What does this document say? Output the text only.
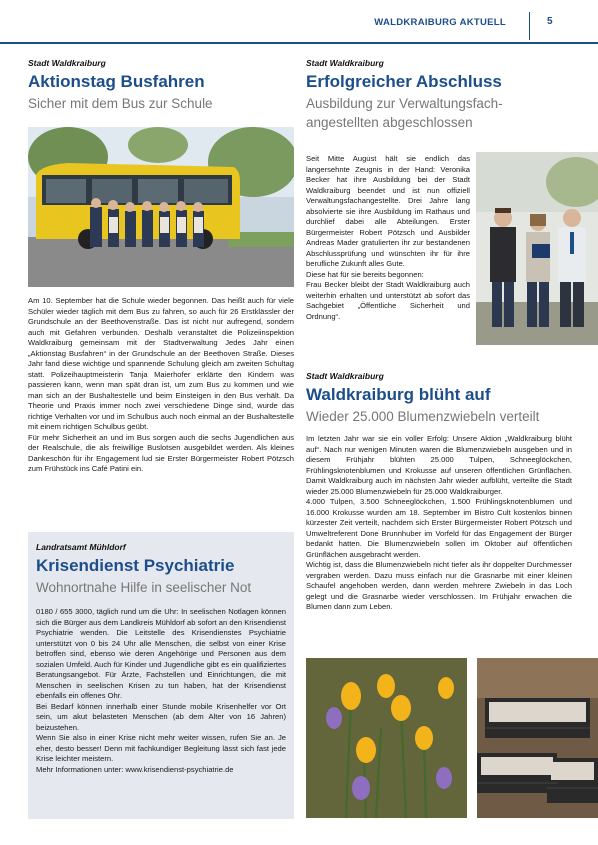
WALDKRAIBURG AKTUELL	5

Stadt Waldkraiburg

Aktionstag Busfahren

Sicher mit dem Bus zur Schule

Am 10. September hat die Schule wieder begonnen. Das heißt auch für viele Schüler wieder täglich mit dem Bus zu fahren, so auch für 26 Erstklässler der Grundschule an der Beethovenstraße. Das ist nicht nur aufregend, sondern auch mit Gefahren verbunden. Deshalb veranstaltet die Polizeiinspektion Waldkraiburg gemeinsam mit der Stadtverwaltung Jedes Jahr einen „Aktionstag Busfahren“ in der Grundschule an der Beethoven Straße. Dieses Jahr fand diese wichtige und spannende Schulung gleich am zweiten Schultag statt. Polizeihauptmeisterin Tanja Maierhofer erklärte den Kindern was passieren kann, wenn man spät dran ist, um zum Bus zu kommen und wie man sich an der Bushaltestelle und beim Einsteigen in den Bus verhält. Da Theorie und Praxis immer noch zwei verschiedene Dinge sind, wurde das richtige Verhalten vor und im Schulbus auch noch einmal an der Bushaltestelle mit einem richtigen Schulbus geübt.
Für mehr Sicherheit an und im Bus sorgen auch die sechs Jugendlichen aus der Realschule, die als freiwillige Buslotsen ausgebildet werden. Als kleines Dankeschön für ihr Engagement lud sie Erster Bürgermeister Robert Pötzsch zum Frühstück ins Café Patini ein.

Landratsamt Mühldorf

Krisendienst Psychiatrie

Wohnortnahe Hilfe in seelischer Not

0180 / 655 3000, täglich rund um die Uhr: In seelischen Notlagen können sich die Bürger aus dem Landkreis Mühldorf ab sofort an den Krisendienst Psychiatrie wenden. Die Leitstelle des Krisendienstes Psychiatrie unterstützt von 0 bis 24 Uhr alle Menschen, die selbst von einer Krise betroffen sind, ebenso wie deren Angehörige und Personen aus dem sozialen Umfeld. Auch für Kinder und Jugendliche gibt es ein qualifiziertes Beratungsangebot. Für Ärzte, Fachstellen und Einrichtungen, die mit Menschen in seelischen Krisen zu tun haben, hat der Krisendienst ebenfalls ein offenes Ohr.
Bei Bedarf können innerhalb einer Stunde mobile Krisenhelfer vor Ort sein, um akut belasteten Menschen (ab dem Alter von 16 Jahren) beizustehen.
Wenn Sie also in einer Krise nicht mehr weiter wissen, rufen Sie an. Je eher, desto besser! Denn mit fachkundiger Begleitung lässt sich fast jede Krise leichter meistern.
Mehr Informationen unter: www.krisendienst-psychiatrie.de

Stadt Waldkraiburg

Erfolgreicher Abschluss

Ausbildung zur Verwaltungsfach-

angestellten abgeschlossen

Seit Mitte August hält sie endlich das langersehnte Zeugnis in der Hand: Veronika Becker hat ihre Ausbildung bei der Stadt Waldkraiburg beendet und ist nun offiziell Verwaltungsfachangestellte. Drei Jahre lang absolvierte sie ihre Ausbildung im Rathaus und durchlief dabei alle Abteilungen. Erster Bürgermeister Robert Pötzsch und Ausbilder Andreas Mader gratulierten ihr zur bestandenen Abschlussprüfung und wünschten ihr für ihre berufliche Zukunft alles Gute.
Diese hat für sie bereits begonnen:
Frau Becker bleibt der Stadt Waldkraiburg auch weiterhin erhalten und unterstützt ab sofort das Sachgebiet „Öffentliche Sicherheit und Ordnung“.

Stadt Waldkraiburg

Waldkraiburg blüht auf

Wieder 25.000 Blumenzwiebeln verteilt

Im letzten Jahr war sie ein voller Erfolg: Unsere Aktion „Waldkraiburg blüht auf“. Nach nur wenigen Minuten waren die Blumenzwiebeln ausgeben und in diesem Frühjahr blühten 25.000 Tulpen, Schneeglöckchen, Frühlingsknotenblumen und Krokusse auf unseren öffentlichen Grünflächen. Damit Waldkraiburg auch im nächsten Jahr wieder aufblüht, verteilte die Stadt wieder 25.000 Blumenzwiebeln für 25.000 Waldkraiburger.
4.000 Tulpen, 3.500 Schneeglöckchen, 1.500 Frühlingsknotenblumen und 16.000 Krokusse wurden am 18. September im Bistro Cult kostenlos binnen kürzester Zeit verteilt, nachdem sich Erster Bürgermeister Robert Pötzsch und Umweltreferent Done Brunnhuber im Vorfeld für das Engagement der Bürger bedankt hatten. Die Blumenzwiebeln sollen im Oktober auf öffentlichen Grünflächen ausgebracht werden.
Wichtig ist, dass die Blumenzwiebeln nicht tiefer als ihr doppelter Durchmesser vergraben werden. Dazu muss einfach nur die Grasnarbe mit einer kleinen Schaufel angehoben werden, dann werden mehrere Zwiebeln in das Loch gelegt und die Grasnarbe wieder verschlossen. Im Frühjahr erwachen die Blumen dann zum Leben.
